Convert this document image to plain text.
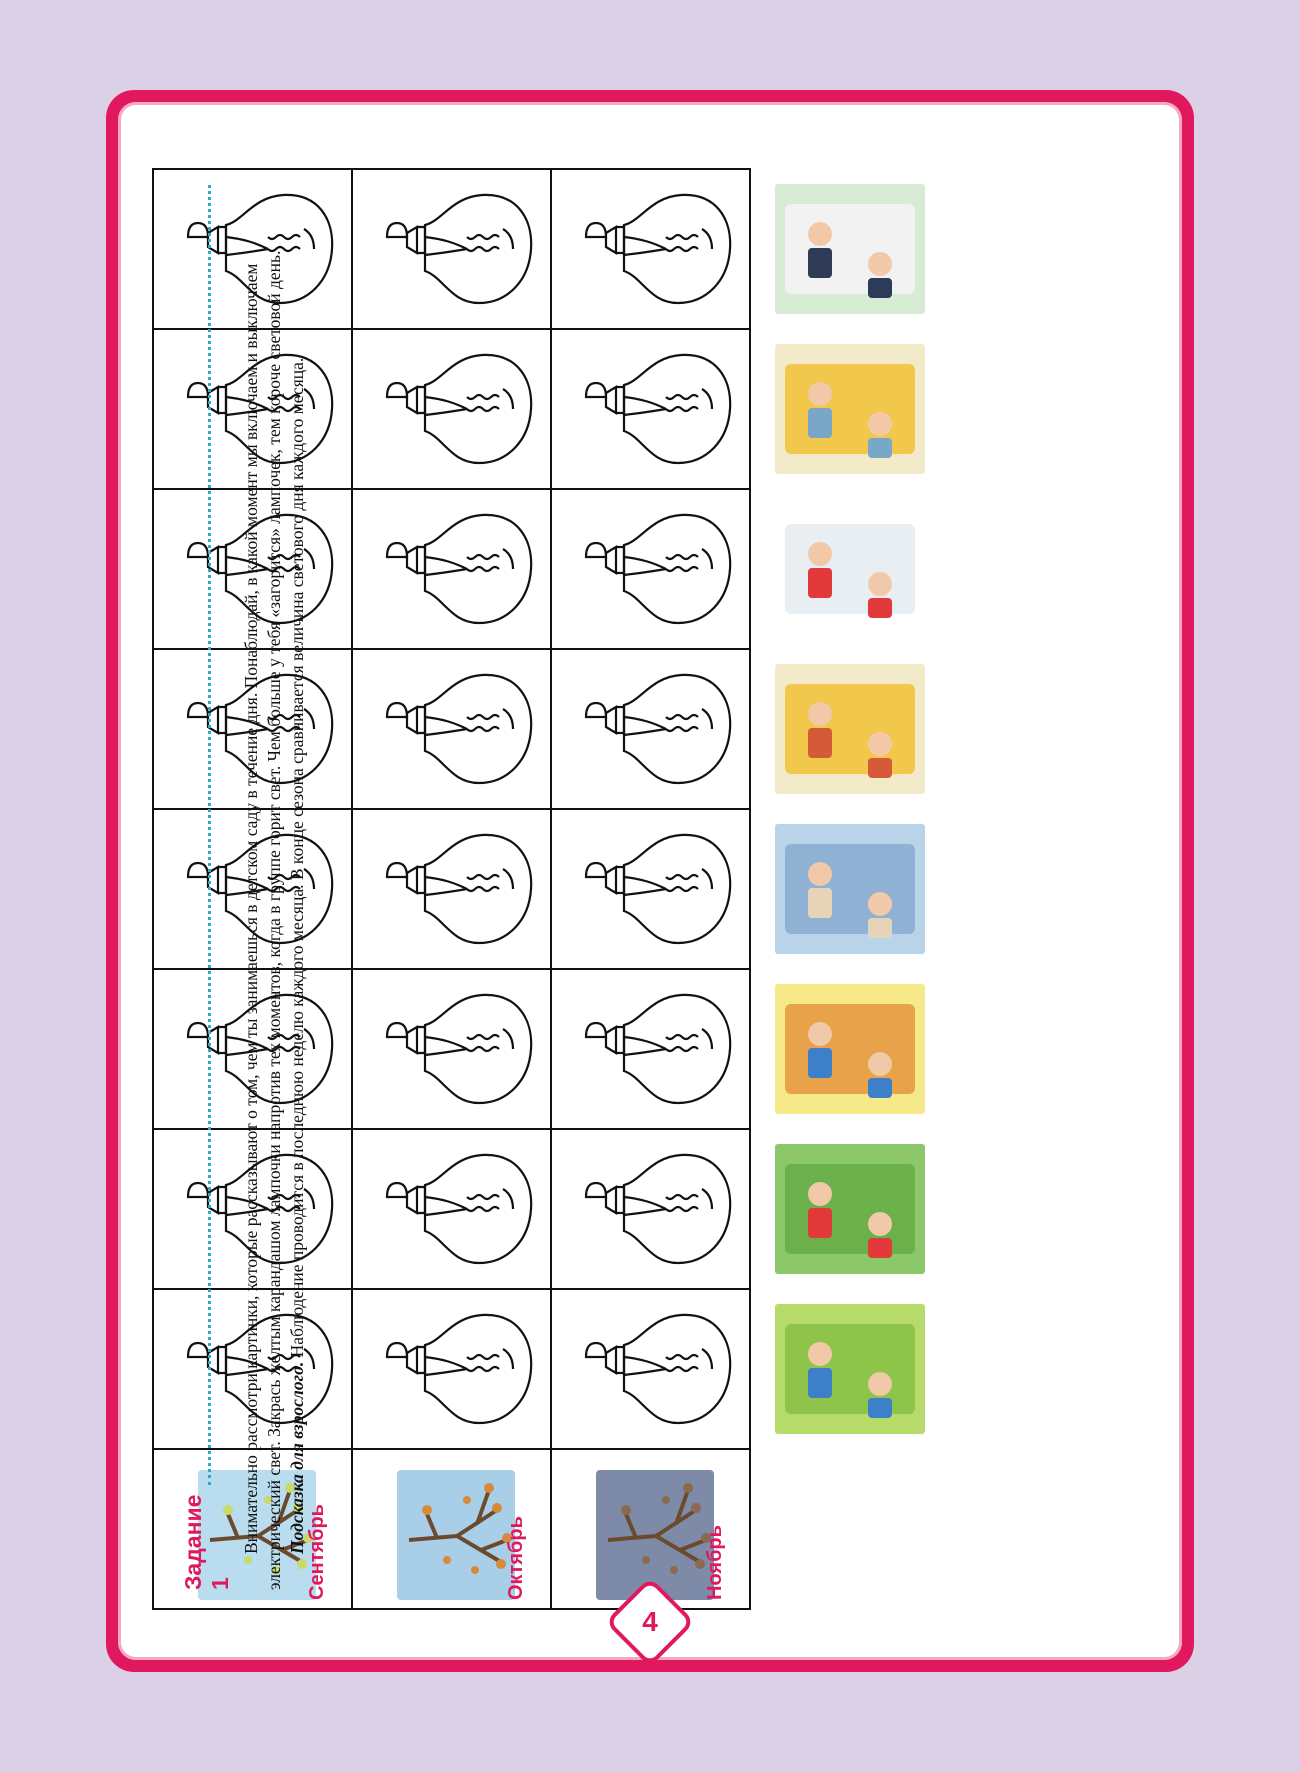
Сентябрь	Октябрь	Ноябрь	

Задание 1

Внимательно рассмотри картинки, которые рассказывают о том, чем ты занимаешься в детском саду в течение дня. Понаблюдай, в какой момент мы включаем и выключаем электрический свет. Закрась желтым карандашом лампочки напротив тех моментов, когда в группе горит свет. Чем больше у тебя «загорится» лампочек, тем короче световой день. Подсказка для взрослого. Наблюдение проводится в последнюю неделю каждого месяца. В конце сезона сравнивается величина светового дня каждого месяца.

4
